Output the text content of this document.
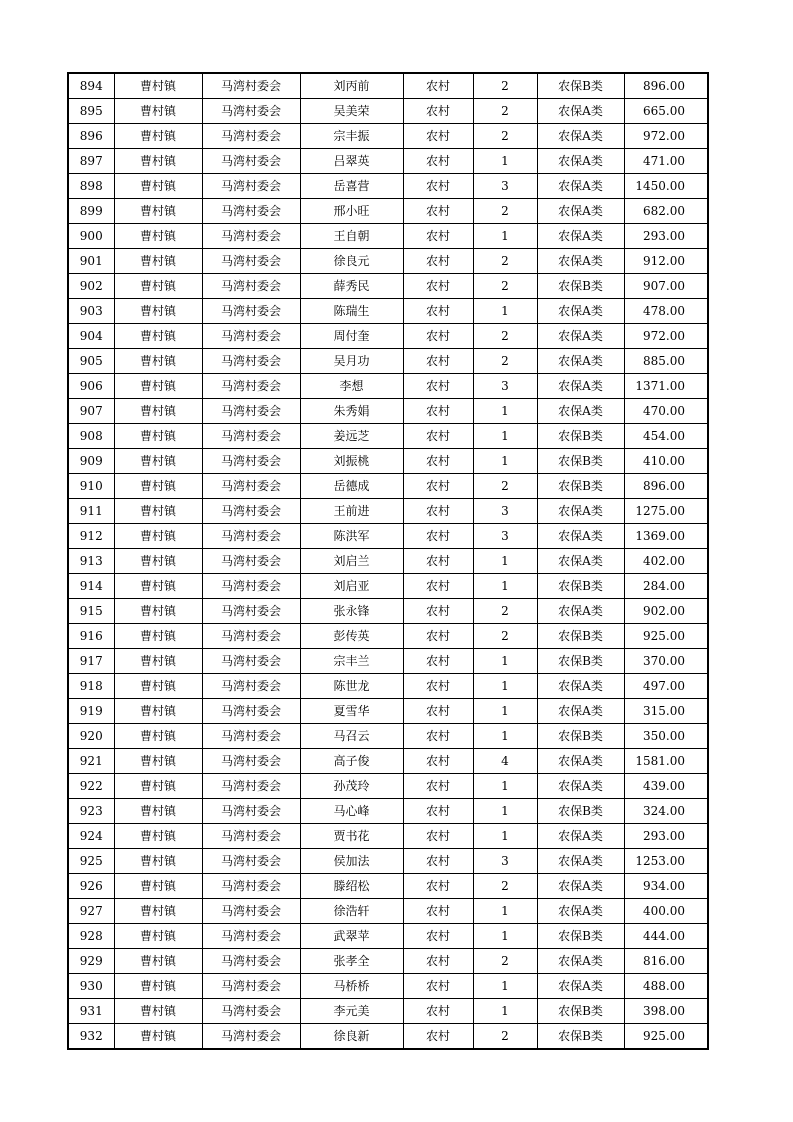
894	曹村镇	马湾村委会	刘丙前	农村	2	农保B类	896.00
895	曹村镇	马湾村委会	吴美荣	农村	2	农保A类	665.00
896	曹村镇	马湾村委会	宗丰振	农村	2	农保A类	972.00
897	曹村镇	马湾村委会	吕翠英	农村	1	农保A类	471.00
898	曹村镇	马湾村委会	岳喜营	农村	3	农保A类	1450.00
899	曹村镇	马湾村委会	邢小旺	农村	2	农保A类	682.00
900	曹村镇	马湾村委会	王自朝	农村	1	农保A类	293.00
901	曹村镇	马湾村委会	徐良元	农村	2	农保A类	912.00
902	曹村镇	马湾村委会	薛秀民	农村	2	农保B类	907.00
903	曹村镇	马湾村委会	陈瑞生	农村	1	农保A类	478.00
904	曹村镇	马湾村委会	周付奎	农村	2	农保A类	972.00
905	曹村镇	马湾村委会	吴月功	农村	2	农保A类	885.00
906	曹村镇	马湾村委会	李想	农村	3	农保A类	1371.00
907	曹村镇	马湾村委会	朱秀娟	农村	1	农保A类	470.00
908	曹村镇	马湾村委会	姜远芝	农村	1	农保B类	454.00
909	曹村镇	马湾村委会	刘振桃	农村	1	农保B类	410.00
910	曹村镇	马湾村委会	岳德成	农村	2	农保B类	896.00
911	曹村镇	马湾村委会	王前进	农村	3	农保A类	1275.00
912	曹村镇	马湾村委会	陈洪军	农村	3	农保A类	1369.00
913	曹村镇	马湾村委会	刘启兰	农村	1	农保A类	402.00
914	曹村镇	马湾村委会	刘启亚	农村	1	农保B类	284.00
915	曹村镇	马湾村委会	张永锋	农村	2	农保A类	902.00
916	曹村镇	马湾村委会	彭传英	农村	2	农保B类	925.00
917	曹村镇	马湾村委会	宗丰兰	农村	1	农保B类	370.00
918	曹村镇	马湾村委会	陈世龙	农村	1	农保A类	497.00
919	曹村镇	马湾村委会	夏雪华	农村	1	农保A类	315.00
920	曹村镇	马湾村委会	马召云	农村	1	农保B类	350.00
921	曹村镇	马湾村委会	高子俊	农村	4	农保A类	1581.00
922	曹村镇	马湾村委会	孙茂玲	农村	1	农保A类	439.00
923	曹村镇	马湾村委会	马心峰	农村	1	农保B类	324.00
924	曹村镇	马湾村委会	贾书花	农村	1	农保A类	293.00
925	曹村镇	马湾村委会	侯加法	农村	3	农保A类	1253.00
926	曹村镇	马湾村委会	滕绍松	农村	2	农保A类	934.00
927	曹村镇	马湾村委会	徐浩轩	农村	1	农保A类	400.00
928	曹村镇	马湾村委会	武翠苹	农村	1	农保B类	444.00
929	曹村镇	马湾村委会	张孝全	农村	2	农保A类	816.00
930	曹村镇	马湾村委会	马桥桥	农村	1	农保A类	488.00
931	曹村镇	马湾村委会	李元美	农村	1	农保B类	398.00
932	曹村镇	马湾村委会	徐良新	农村	2	农保B类	925.00
